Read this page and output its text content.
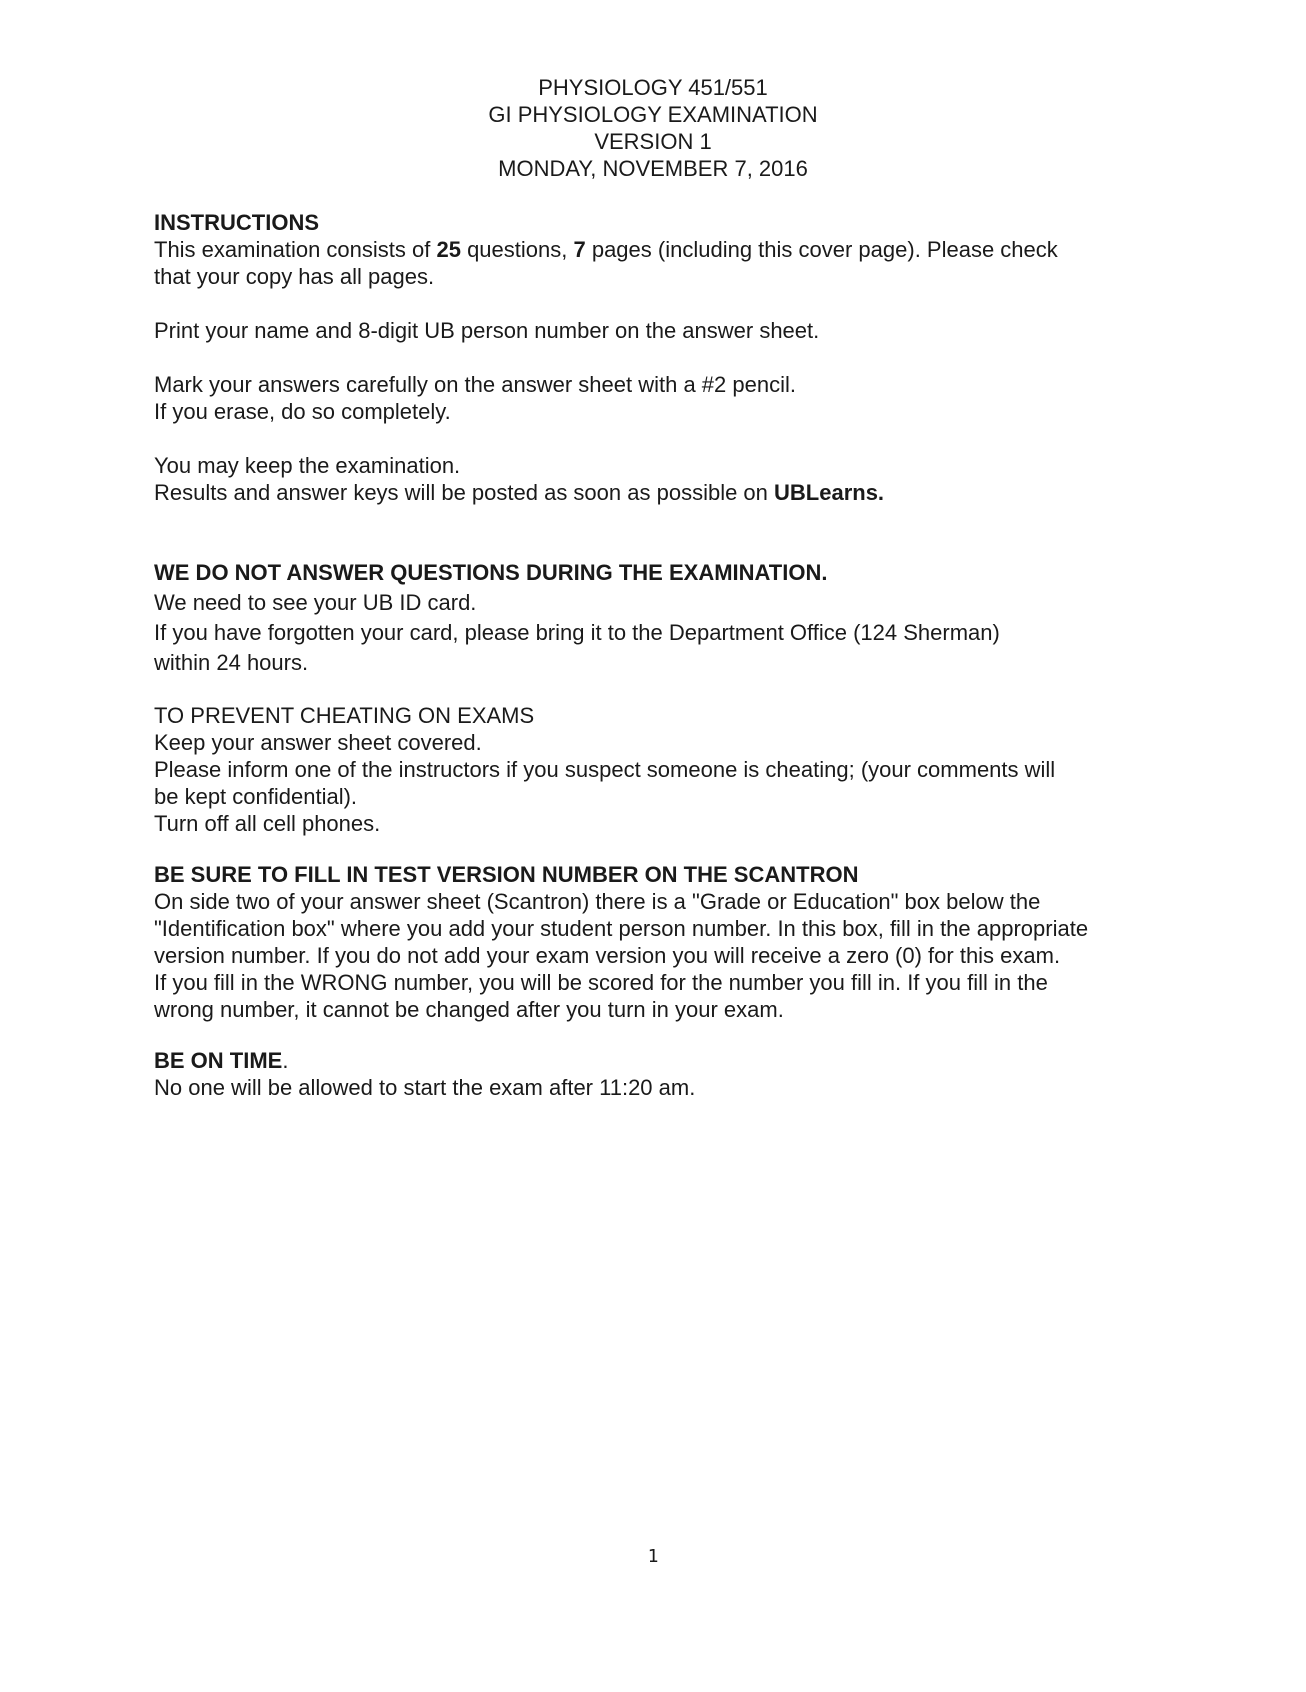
PHYSIOLOGY 451/551
GI PHYSIOLOGY EXAMINATION
VERSION 1
MONDAY, NOVEMBER 7, 2016
INSTRUCTIONS
This examination consists of 25 questions, 7 pages (including this cover page). Please check
that your copy has all pages.
Print your name and 8-digit UB person number on the answer sheet.
Mark your answers carefully on the answer sheet with a #2 pencil.
If you erase, do so completely.
You may keep the examination.
Results and answer keys will be posted as soon as possible on UBLearns.
WE DO NOT ANSWER QUESTIONS DURING THE EXAMINATION.
We need to see your UB ID card.
If you have forgotten your card, please bring it to the Department Office (124 Sherman)
within 24 hours.
TO PREVENT CHEATING ON EXAMS
Keep your answer sheet covered.
Please inform one of the instructors if you suspect someone is cheating; (your comments will
be kept confidential).
Turn off all cell phones.
BE SURE TO FILL IN TEST VERSION NUMBER ON THE SCANTRON
On side two of your answer sheet (Scantron) there is a "Grade or Education" box below the
"Identification box" where you add your student person number. In this box, fill in the appropriate
version number. If you do not add your exam version you will receive a zero (0) for this exam.
If you fill in the WRONG number, you will be scored for the number you fill in. If you fill in the
wrong number, it cannot be changed after you turn in your exam.
BE ON TIME.
No one will be allowed to start the exam after 11:20 am.
1
